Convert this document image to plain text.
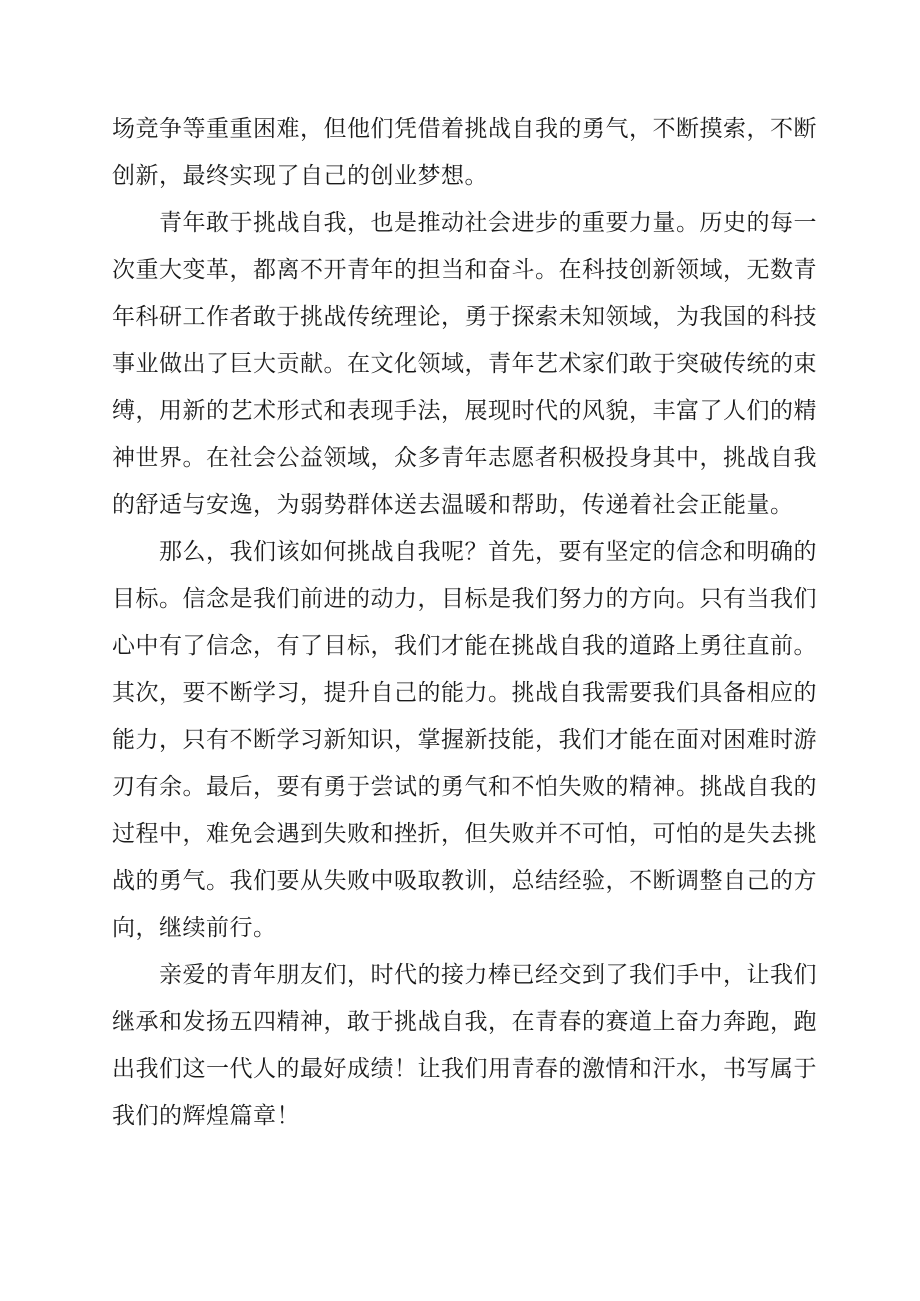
场竞争等重重困难，但他们凭借着挑战自我的勇气，不断摸索，不断
创新，最终实现了自己的创业梦想。
青年敢于挑战自我，也是推动社会进步的重要力量。历史的每一
次重大变革，都离不开青年的担当和奋斗。在科技创新领域，无数青
年科研工作者敢于挑战传统理论，勇于探索未知领域，为我国的科技
事业做出了巨大贡献。在文化领域，青年艺术家们敢于突破传统的束
缚，用新的艺术形式和表现手法，展现时代的风貌，丰富了人们的精
神世界。在社会公益领域，众多青年志愿者积极投身其中，挑战自我
的舒适与安逸，为弱势群体送去温暖和帮助，传递着社会正能量。
那么，我们该如何挑战自我呢？首先，要有坚定的信念和明确的
目标。信念是我们前进的动力，目标是我们努力的方向。只有当我们
心中有了信念，有了目标，我们才能在挑战自我的道路上勇往直前。
其次，要不断学习，提升自己的能力。挑战自我需要我们具备相应的
能力，只有不断学习新知识，掌握新技能，我们才能在面对困难时游
刃有余。最后，要有勇于尝试的勇气和不怕失败的精神。挑战自我的
过程中，难免会遇到失败和挫折，但失败并不可怕，可怕的是失去挑
战的勇气。我们要从失败中吸取教训，总结经验，不断调整自己的方
向，继续前行。
亲爱的青年朋友们，时代的接力棒已经交到了我们手中，让我们
继承和发扬五四精神，敢于挑战自我，在青春的赛道上奋力奔跑，跑
出我们这一代人的最好成绩！让我们用青春的激情和汗水，书写属于
我们的辉煌篇章！
